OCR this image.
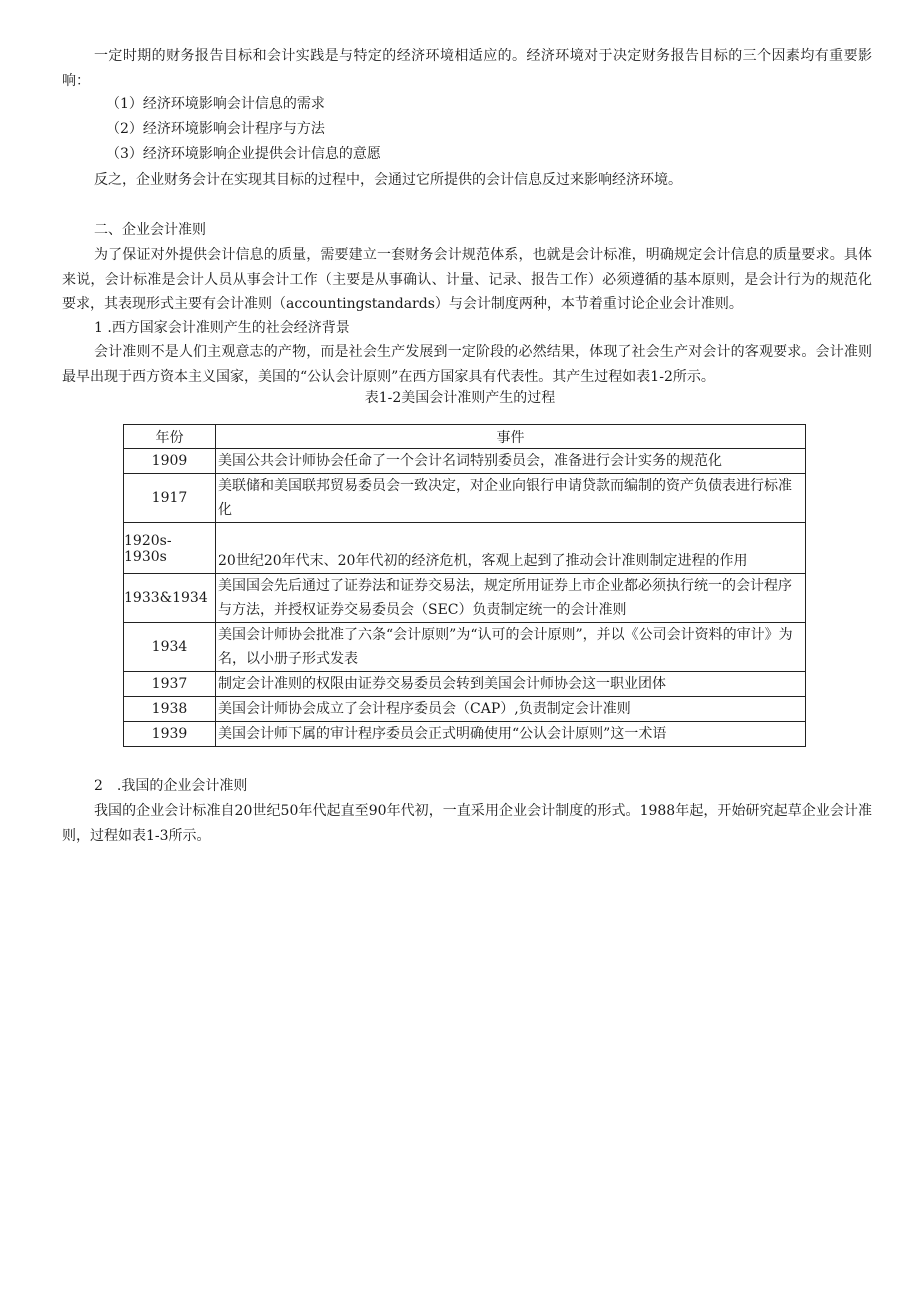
一定时期的财务报告目标和会计实践是与特定的经济环境相适应的。经济环境对于决定财务报告目标的三个因素均有重要影响：

（1）经济环境影响会计信息的需求

（2）经济环境影响会计程序与方法

（3）经济环境影响企业提供会计信息的意愿

反之，企业财务会计在实现其目标的过程中，会通过它所提供的会计信息反过来影响经济环境。

二、企业会计准则

为了保证对外提供会计信息的质量，需要建立一套财务会计规范体系，也就是会计标准，明确规定会计信息的质量要求。具体来说，会计标准是会计人员从事会计工作（主要是从事确认、计量、记录、报告工作）必须遵循的基本原则，是会计行为的规范化要求，其表现形式主要有会计准则（accountingstandards）与会计制度两种，本节着重讨论企业会计准则。

1 .西方国家会计准则产生的社会经济背景

会计准则不是人们主观意志的产物，而是社会生产发展到一定阶段的必然结果，体现了社会生产对会计的客观要求。会计准则最早出现于西方资本主义国家，美国的“公认会计原则”在西方国家具有代表性。其产生过程如表1-2所示。

表1-2美国会计准则产生的过程
年份	事件
1909	美国公共会计师协会任命了一个会计名词特别委员会，准备进行会计实务的规范化
1917	美联储和美国联邦贸易委员会一致决定，对企业向银行申请贷款而编制的资产负债表进行标准化
1920s-1930s	20世纪20年代末、20年代初的经济危机，客观上起到了推动会计准则制定进程的作用
1933&1934	美国国会先后通过了证券法和证券交易法，规定所用证券上市企业都必须执行统一的会计程序与方法，并授权证券交易委员会（SEC）负责制定统一的会计准则
1934	美国会计师协会批准了六条“会计原则”为“认可的会计原则”，并以《公司会计资料的审计》为名，以小册子形式发表
1937	制定会计准则的权限由证券交易委员会转到美国会计师协会这一职业团体
1938	美国会计师协会成立了会计程序委员会（CAP）,负责制定会计准则
1939	美国会计师下属的审计程序委员会正式明确使用“公认会计原则”这一术语

2　.我国的企业会计准则

我国的企业会计标准自20世纪50年代起直至90年代初，一直采用企业会计制度的形式。1988年起，开始研究起草企业会计准则，过程如表1-3所示。
